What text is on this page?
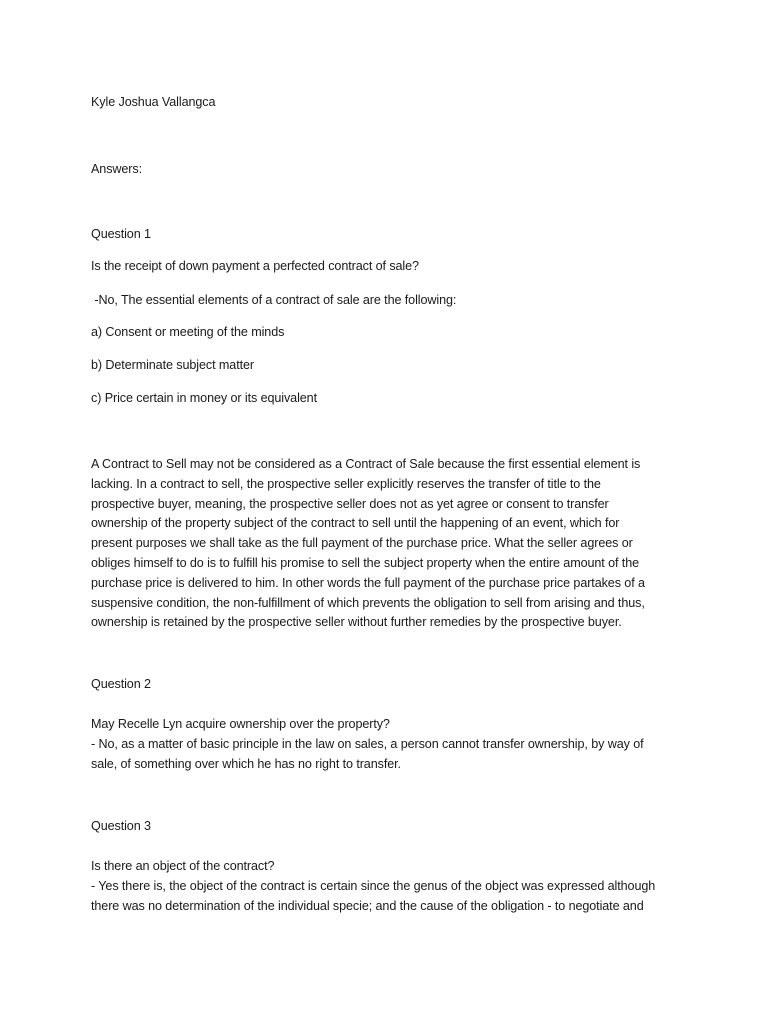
Kyle Joshua Vallangca

Answers:

Question 1

Is the receipt of down payment a perfected contract of sale?

-No, The essential elements of a contract of sale are the following:

a) Consent or meeting of the minds

b) Determinate subject matter

c) Price certain in money or its equivalent

A Contract to Sell may not be considered as a Contract of Sale because the first essential element is
lacking. In a contract to sell, the prospective seller explicitly reserves the transfer of title to the
prospective buyer, meaning, the prospective seller does not as yet agree or consent to transfer
ownership of the property subject of the contract to sell until the happening of an event, which for
present purposes we shall take as the full payment of the purchase price. What the seller agrees or
obliges himself to do is to fulfill his promise to sell the subject property when the entire amount of the
purchase price is delivered to him. In other words the full payment of the purchase price partakes of a
suspensive condition, the non-fulfillment of which prevents the obligation to sell from arising and thus,
ownership is retained by the prospective seller without further remedies by the prospective buyer.

Question 2

May Recelle Lyn acquire ownership over the property?

- No, as a matter of basic principle in the law on sales, a person cannot transfer ownership, by way of
sale, of something over which he has no right to transfer.

Question 3

Is there an object of the contract?

- Yes there is, the object of the contract is certain since the genus of the object was expressed although
there was no determination of the individual specie; and the cause of the obligation - to negotiate and
